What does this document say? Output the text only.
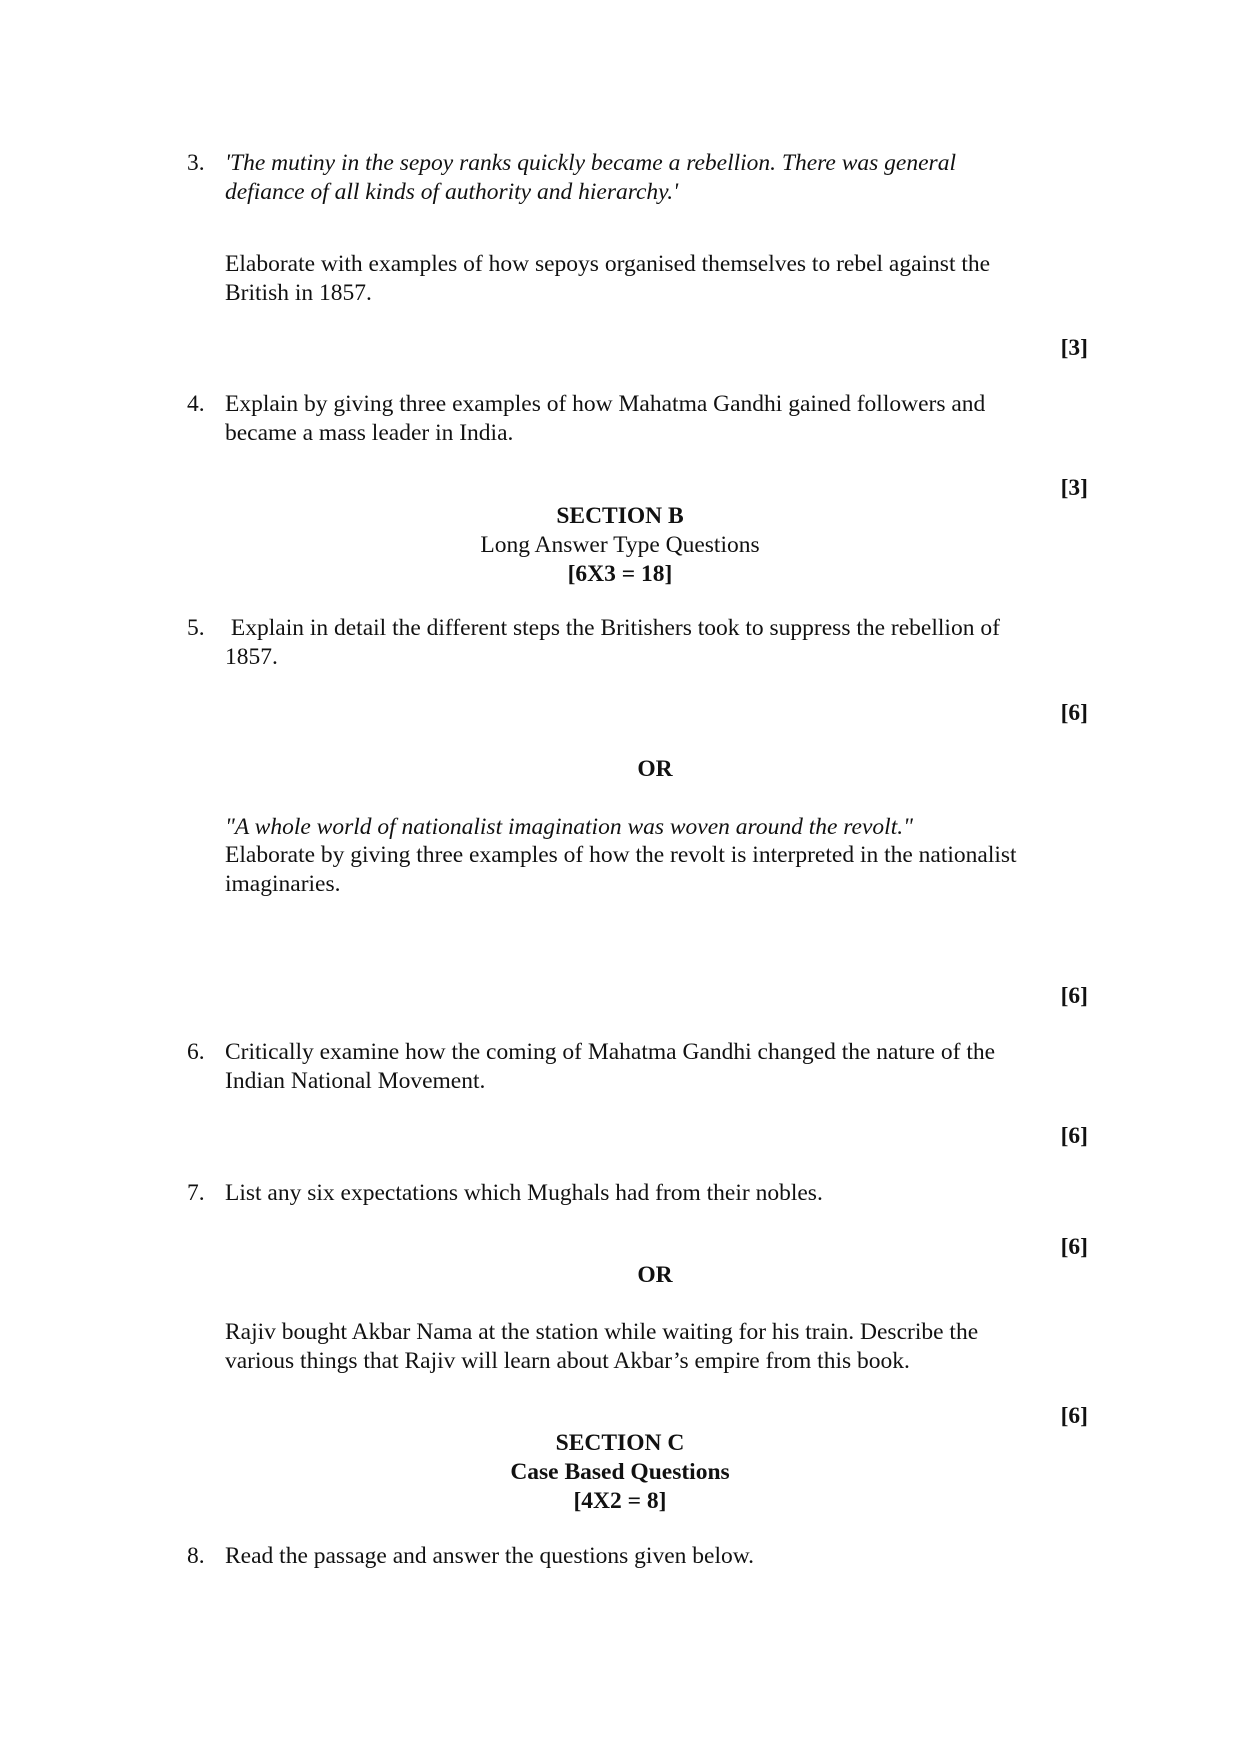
3. 'The mutiny in the sepoy ranks quickly became a rebellion. There was general
defiance of all kinds of authority and hierarchy.'
Elaborate with examples of how sepoys organised themselves to rebel against the
British in 1857.
[3]
4. Explain by giving three examples of how Mahatma Gandhi gained followers and
became a mass leader in India.
[3]
SECTION B
Long Answer Type Questions
[6X3 = 18]
5. Explain in detail the different steps the Britishers took to suppress the rebellion of
1857.
[6]
OR
"A whole world of nationalist imagination was woven around the revolt."
Elaborate by giving three examples of how the revolt is interpreted in the nationalist
imaginaries.
[6]
6. Critically examine how the coming of Mahatma Gandhi changed the nature of the
Indian National Movement.
[6]
7. List any six expectations which Mughals had from their nobles.
[6]
OR
Rajiv bought Akbar Nama at the station while waiting for his train. Describe the
various things that Rajiv will learn about Akbar’s empire from this book.
[6]
SECTION C
Case Based Questions
[4X2 = 8]
8. Read the passage and answer the questions given below.
